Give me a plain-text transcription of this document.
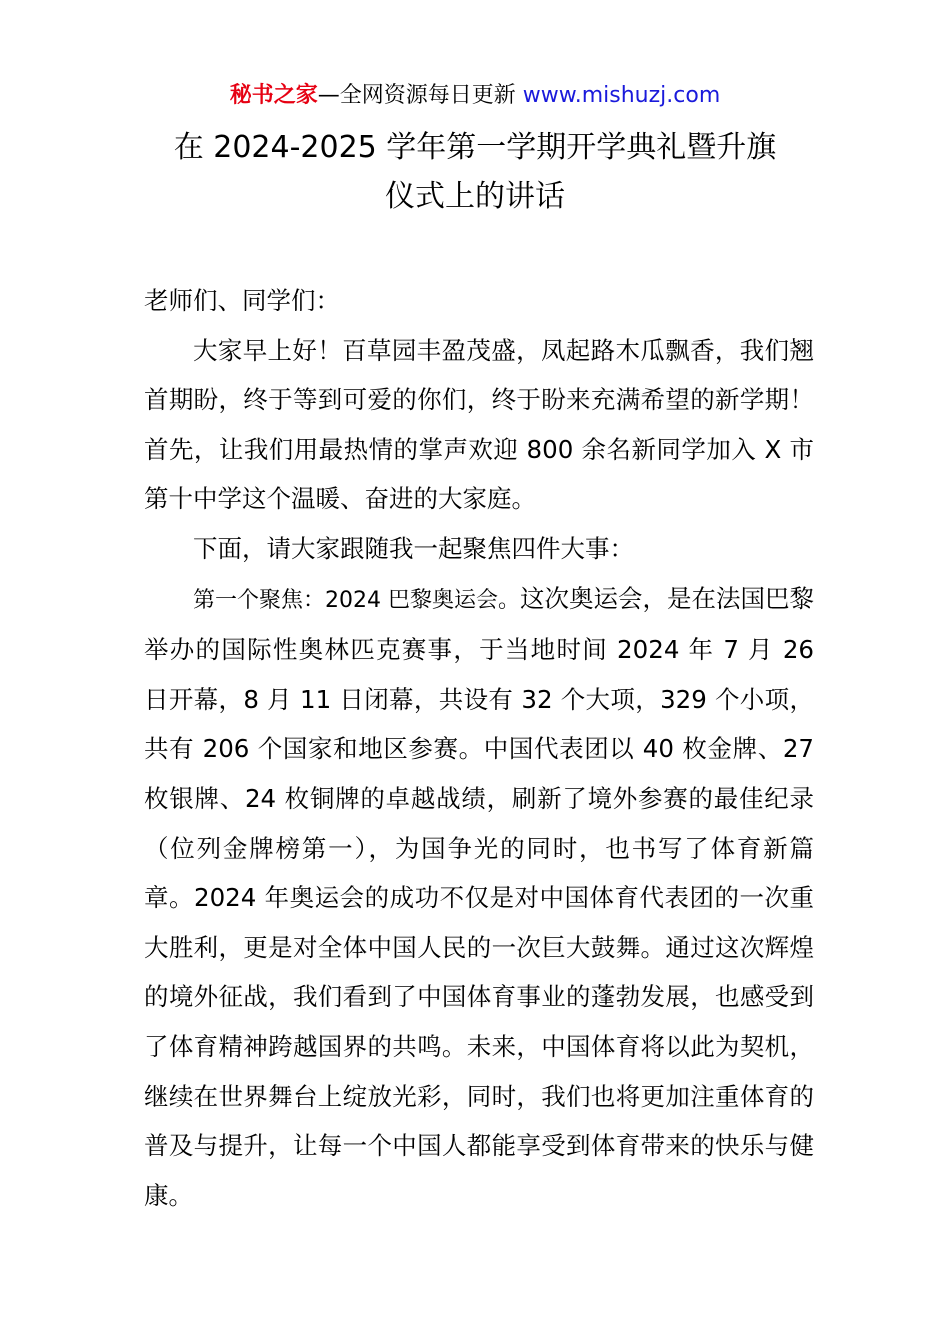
秘书之家—全网资源每日更新 www.mishuzj.com
在 2024-2025 学年第一学期开学典礼暨升旗
仪式上的讲话

老师们、同学们：

大家早上好！百草园丰盈茂盛，凤起路木瓜飘香，我们翘首期盼，终于等到可爱的你们，终于盼来充满希望的新学期！首先，让我们用最热情的掌声欢迎 800 余名新同学加入 X 市第十中学这个温暖、奋进的大家庭。

下面，请大家跟随我一起聚焦四件大事：

第一个聚焦：2024 巴黎奥运会。这次奥运会，是在法国巴黎举办的国际性奥林匹克赛事，于当地时间 2024 年 7 月 26 日开幕，8 月 11 日闭幕，共设有 32 个大项，329 个小项，共有 206 个国家和地区参赛。中国代表团以 40 枚金牌、27 枚银牌、24 枚铜牌的卓越战绩，刷新了境外参赛的最佳纪录（位列金牌榜第一），为国争光的同时，也书写了体育新篇章。2024 年奥运会的成功不仅是对中国体育代表团的一次重大胜利，更是对全体中国人民的一次巨大鼓舞。通过这次辉煌的境外征战，我们看到了中国体育事业的蓬勃发展，也感受到了体育精神跨越国界的共鸣。未来，中国体育将以此为契机，继续在世界舞台上绽放光彩，同时，我们也将更加注重体育的普及与提升，让每一个中国人都能享受到体育带来的快乐与健康。
